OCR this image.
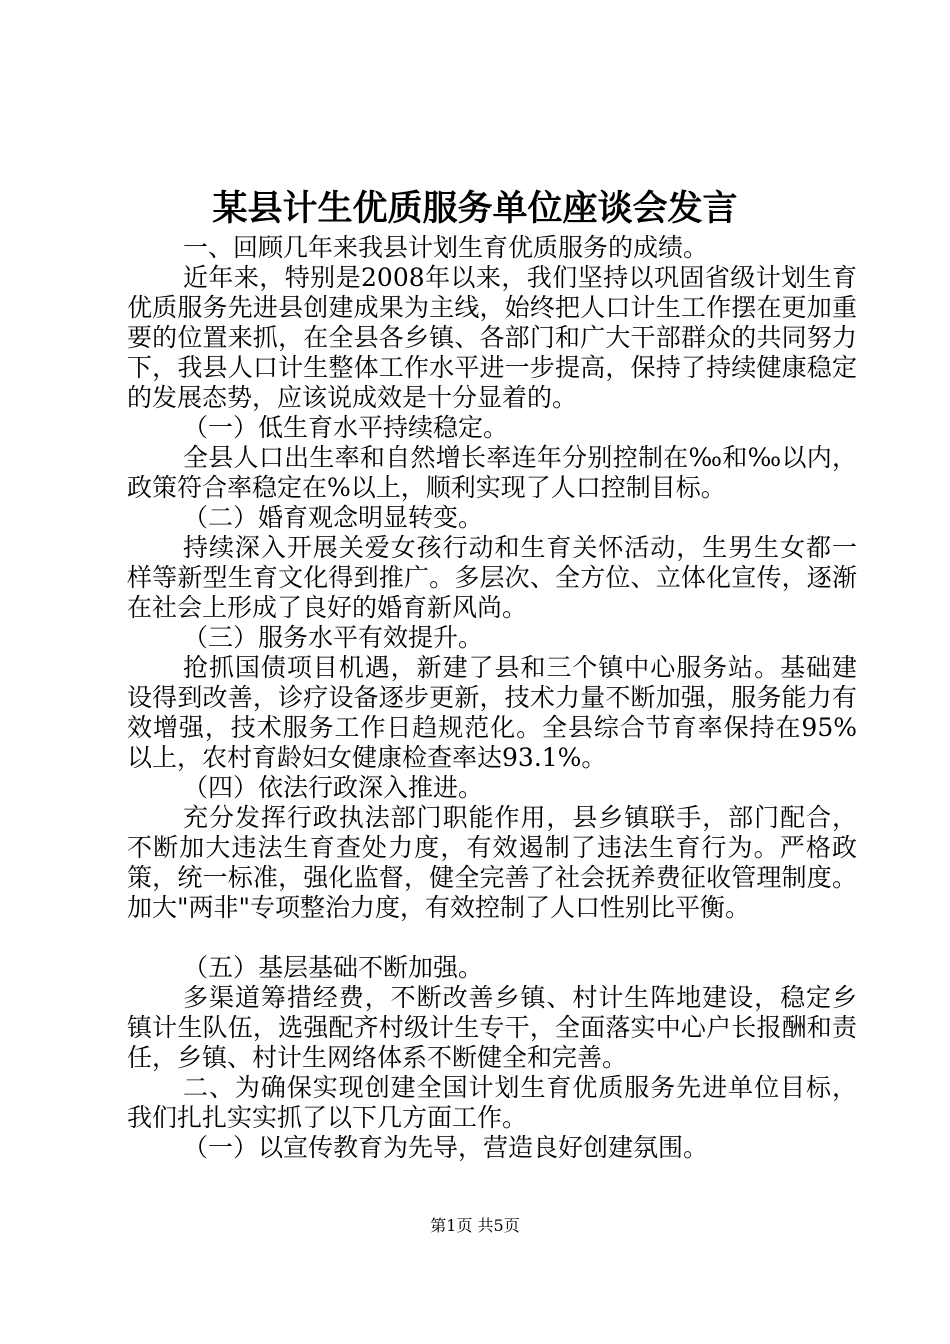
某县计生优质服务单位座谈会发言

一、回顾几年来我县计划生育优质服务的成绩。

近年来，特别是2008年以来，我们坚持以巩固省级计划生育优质服务先进县创建成果为主线，始终把人口计生工作摆在更加重要的位置来抓，在全县各乡镇、各部门和广大干部群众的共同努力下，我县人口计生整体工作水平进一步提高，保持了持续健康稳定的发展态势，应该说成效是十分显着的。

（一）低生育水平持续稳定。

全县人口出生率和自然增长率连年分别控制在‰和‰以内，政策符合率稳定在%以上，顺利实现了人口控制目标。

（二）婚育观念明显转变。

持续深入开展关爱女孩行动和生育关怀活动，生男生女都一样等新型生育文化得到推广。多层次、全方位、立体化宣传，逐渐在社会上形成了良好的婚育新风尚。

（三）服务水平有效提升。

抢抓国债项目机遇，新建了县和三个镇中心服务站。基础建设得到改善，诊疗设备逐步更新，技术力量不断加强，服务能力有效增强，技术服务工作日趋规范化。全县综合节育率保持在95%以上，农村育龄妇女健康检查率达93.1%。

（四）依法行政深入推进。

充分发挥行政执法部门职能作用，县乡镇联手，部门配合，不断加大违法生育查处力度，有效遏制了违法生育行为。严格政策，统一标准，强化监督，健全完善了社会抚养费征收管理制度。加大"两非"专项整治力度，有效控制了人口性别比平衡。

（五）基层基础不断加强。

多渠道筹措经费，不断改善乡镇、村计生阵地建设，稳定乡镇计生队伍，选强配齐村级计生专干，全面落实中心户长报酬和责任，乡镇、村计生网络体系不断健全和完善。

二、为确保实现创建全国计划生育优质服务先进单位目标，我们扎扎实实抓了以下几方面工作。

（一）以宣传教育为先导，营造良好创建氛围。

第1页 共5页
